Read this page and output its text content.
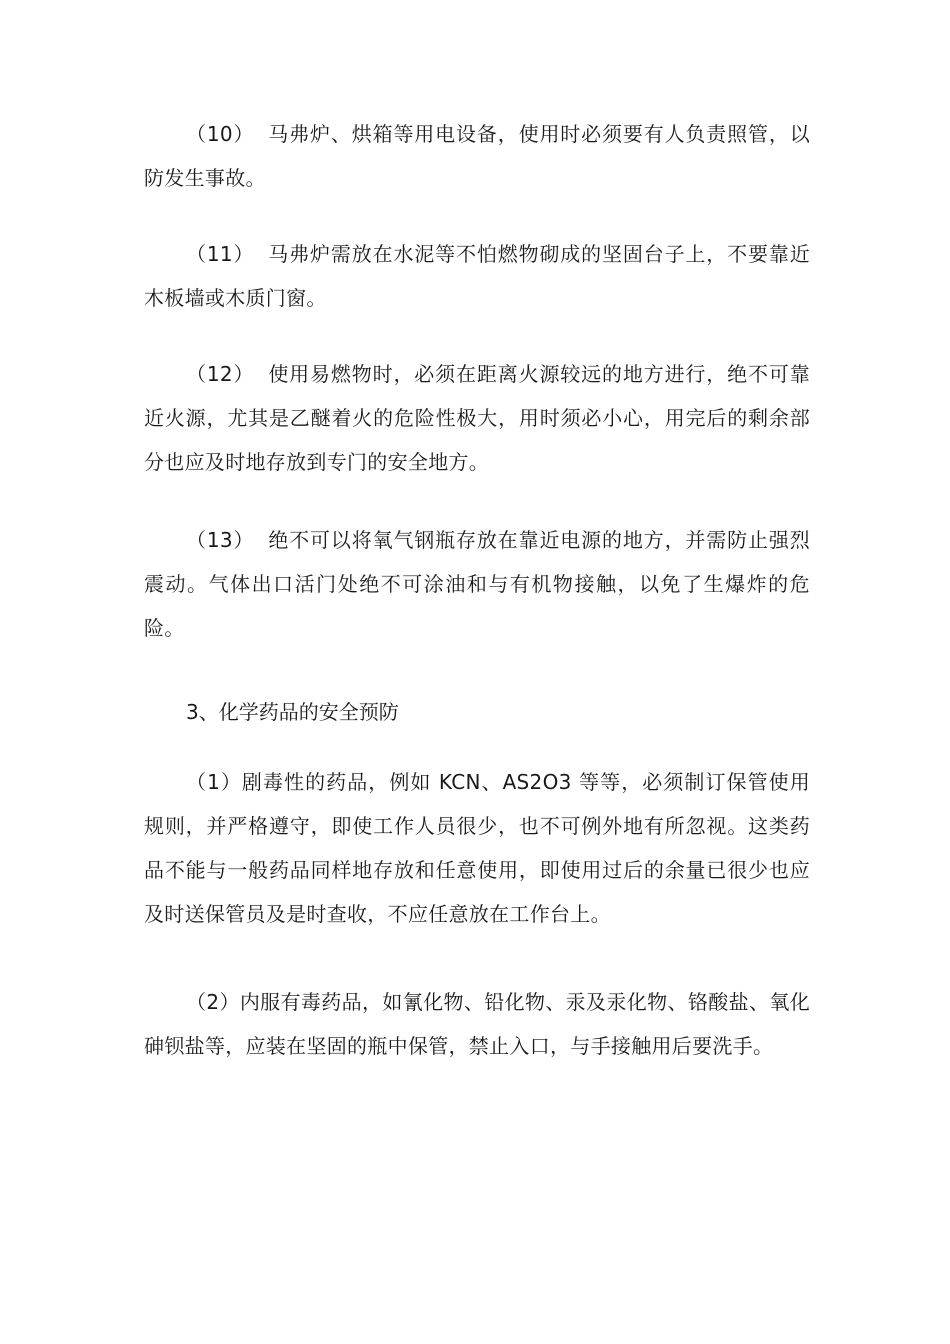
（10） 马弗炉、烘箱等用电设备，使用时必须要有人负责照管，以防发生事故。

（11） 马弗炉需放在水泥等不怕燃物砌成的坚固台子上，不要靠近木板墙或木质门窗。

（12） 使用易燃物时，必须在距离火源较远的地方进行，绝不可靠近火源，尤其是乙醚着火的危险性极大，用时须必小心，用完后的剩余部分也应及时地存放到专门的安全地方。

（13） 绝不可以将氧气钢瓶存放在靠近电源的地方，并需防止强烈震动。气体出口活门处绝不可涂油和与有机物接触，以免了生爆炸的危险。

3、化学药品的安全预防

（1）剧毒性的药品，例如 KCN、AS2O3 等等，必须制订保管使用规则，并严格遵守，即使工作人员很少，也不可例外地有所忽视。这类药品不能与一般药品同样地存放和任意使用，即使用过后的余量已很少也应及时送保管员及是时查收，不应任意放在工作台上。

（2）内服有毒药品，如氰化物、铅化物、汞及汞化物、铬酸盐、氧化砷钡盐等，应装在坚固的瓶中保管，禁止入口，与手接触用后要洗手。
